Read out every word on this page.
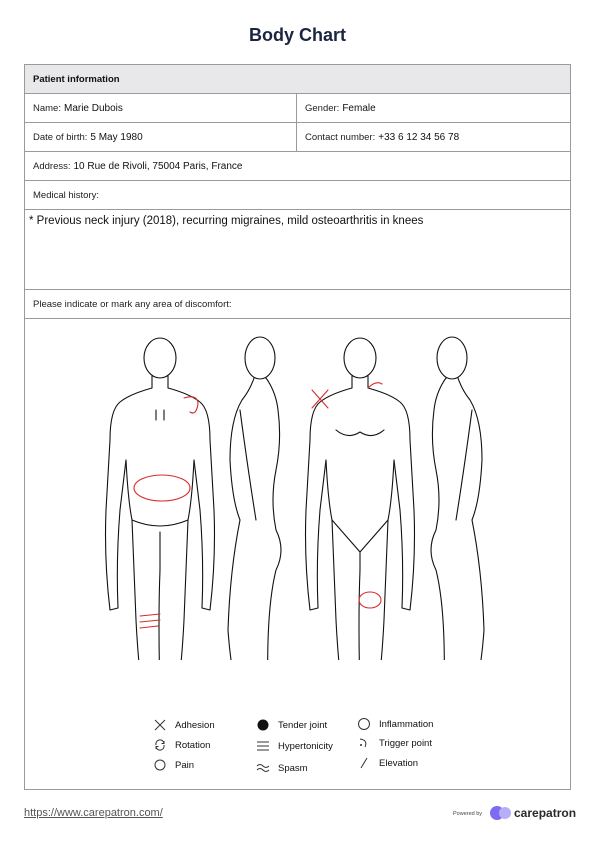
Body Chart
Patient information
Name: Marie Dubois	Gender: Female
Date of birth: 5 May 1980	Contact number: +33 6 12 34 56 78
Address: 10 Rue de Rivoli, 75004 Paris, France
Medical history:
* Previous neck injury (2018), recurring migraines, mild osteoarthritis in knees
Please indicate or mark any area of discomfort:
Adhesion
Rotation
Pain
Tender joint
Hypertonicity
Spasm
Inflammation
Trigger point
Elevation
https://www.carepatron.com/	Powered by	carepatron
